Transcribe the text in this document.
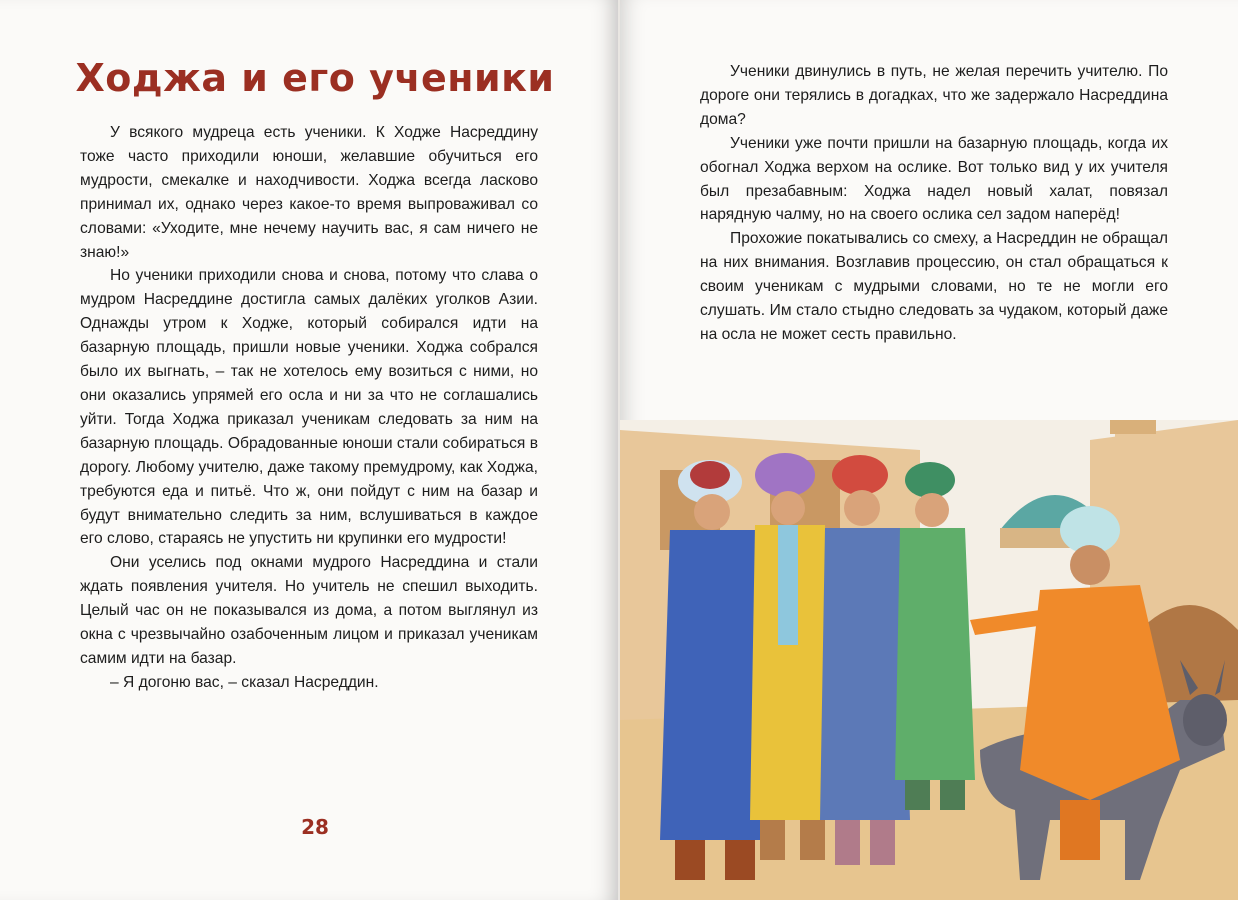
Ходжа и его ученики

У всякого мудреца есть ученики. К Ходже Насреддину тоже часто приходили юноши, желавшие обучиться его мудрости, смекалке и находчивости. Ходжа всегда ласково принимал их, однако через какое-то время выпроваживал со словами: «Уходите, мне нечему научить вас, я сам ничего не знаю!»

Но ученики приходили снова и снова, потому что слава о мудром Насреддине достигла самых далёких уголков Азии. Однажды утром к Ходже, который собирался идти на базарную площадь, пришли новые ученики. Ходжа собрался было их выгнать, – так не хотелось ему возиться с ними, но они оказались упрямей его осла и ни за что не соглашались уйти. Тогда Ходжа приказал ученикам следовать за ним на базарную площадь. Обрадованные юноши стали собираться в дорогу. Любому учителю, даже такому премудрому, как Ходжа, требуются еда и питьё. Что ж, они пойдут с ним на базар и будут внимательно следить за ним, вслушиваться в каждое его слово, стараясь не упустить ни крупинки его мудрости!

Они уселись под окнами мудрого Насреддина и стали ждать появления учителя. Но учитель не спешил выходить. Целый час он не показывался из дома, а потом выглянул из окна с чрезвычайно озабоченным лицом и приказал ученикам самим идти на базар.

– Я догоню вас, – сказал Насреддин.

28

Ученики двинулись в путь, не желая перечить учителю. По дороге они терялись в догадках, что же задержало Насреддина дома?

Ученики уже почти пришли на базарную площадь, когда их обогнал Ходжа верхом на ослике. Вот только вид у их учителя был презабавным: Ходжа надел новый халат, повязал нарядную чалму, но на своего ослика сел задом наперёд!

Прохожие покатывались со смеху, а Насреддин не обращал на них внимания. Возглавив процессию, он стал обращаться к своим ученикам с мудрыми словами, но те не могли его слушать. Им стало стыдно следовать за чудаком, который даже на осла не может сесть правильно.
